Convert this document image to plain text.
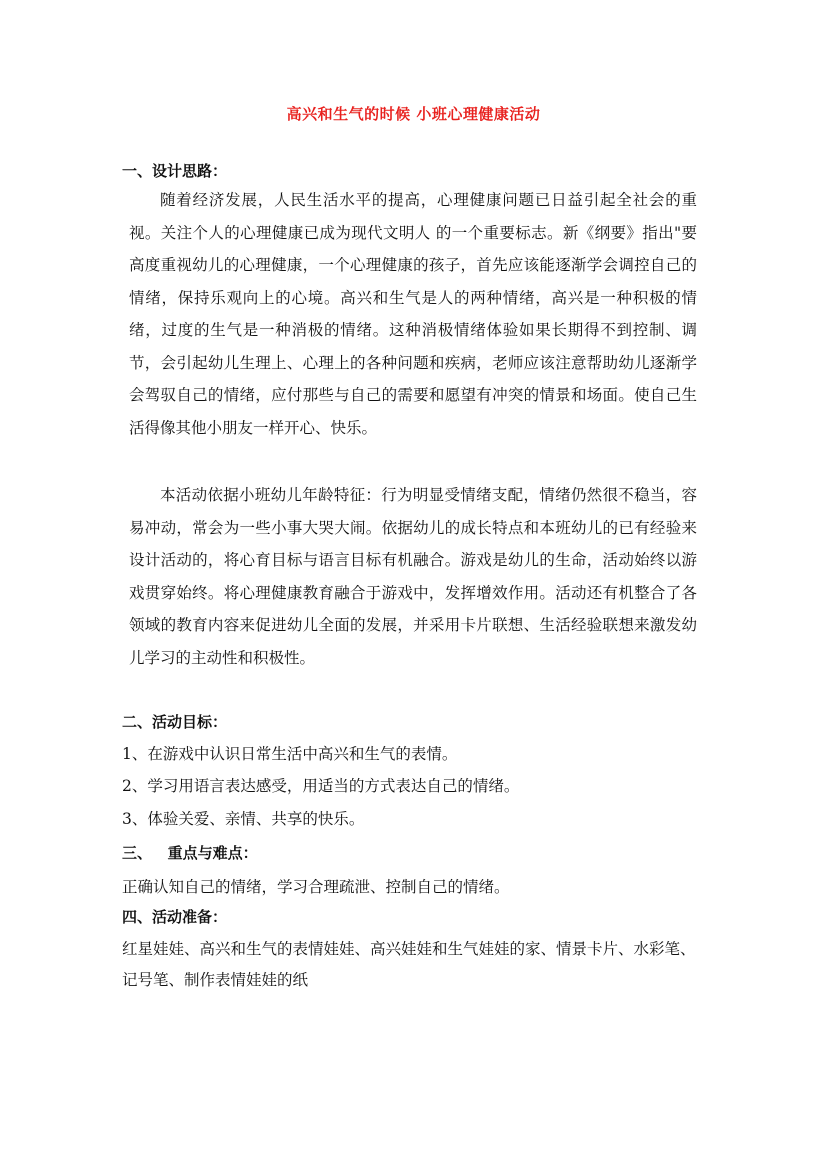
高兴和生气的时候 小班心理健康活动
一、设计思路：
随着经济发展，人民生活水平的提高，心理健康问题已日益引起全社会的重视。关注个人的心理健康已成为现代文明人 的一个重要标志。新《纲要》指出"要高度重视幼儿的心理健康，一个心理健康的孩子，首先应该能逐渐学会调控自己的情绪，保持乐观向上的心境。高兴和生气是人的两种情绪，高兴是一种积极的情绪，过度的生气是一种消极的情绪。这种消极情绪体验如果长期得不到控制、调节，会引起幼儿生理上、心理上的各种问题和疾病，老师应该注意帮助幼儿逐渐学会驾驭自己的情绪，应付那些与自己的需要和愿望有冲突的情景和场面。使自己生活得像其他小朋友一样开心、快乐。
本活动依据小班幼儿年龄特征：行为明显受情绪支配，情绪仍然很不稳当，容易冲动，常会为一些小事大哭大闹。依据幼儿的成长特点和本班幼儿的已有经验来设计活动的，将心育目标与语言目标有机融合。游戏是幼儿的生命，活动始终以游戏贯穿始终。将心理健康教育融合于游戏中，发挥增效作用。活动还有机整合了各领域的教育内容来促进幼儿全面的发展，并采用卡片联想、生活经验联想来激发幼儿学习的主动性和积极性。
二、活动目标：
1、在游戏中认识日常生活中高兴和生气的表情。
2、学习用语言表达感受，用适当的方式表达自己的情绪。
3、体验关爱、亲情、共享的快乐。
三、   重点与难点：
正确认知自己的情绪，学习合理疏泄、控制自己的情绪。
四、活动准备：
红星娃娃、高兴和生气的表情娃娃、高兴娃娃和生气娃娃的家、情景卡片、水彩笔、记号笔、制作表情娃娃的纸
